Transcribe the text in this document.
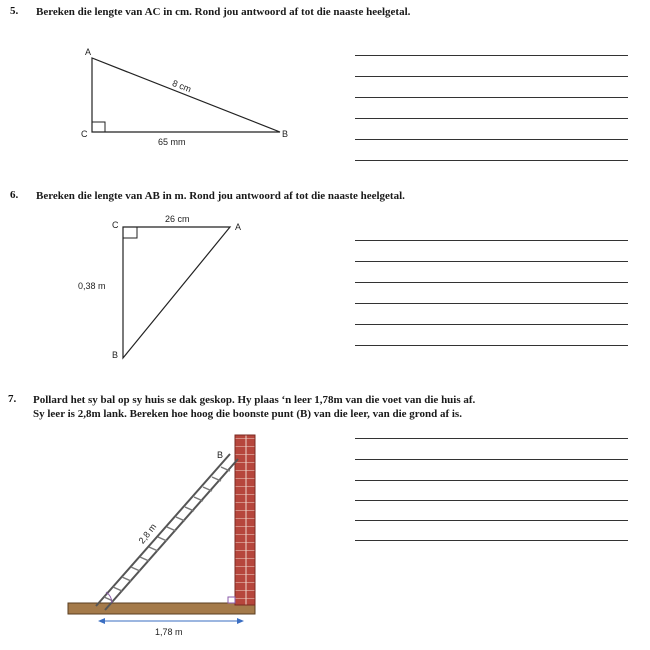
5. Bereken die lengte van AC in cm. Rond jou antwoord af tot die naaste heelgetal.
A
B
C
8 cm
65 mm
6. Bereken die lengte van AB in m. Rond jou antwoord af tot die naaste heelgetal.
C	A
B
26 cm
0,38 m
7. Pollard het sy bal op sy huis se dak geskop. Hy plaas ‘n leer 1,78m van die voet van die huis af.
Sy leer is 2,8m lank. Bereken hoe hoog die boonste punt (B) van die leer, van die grond af is.
B
2,8 m
1,78 m
